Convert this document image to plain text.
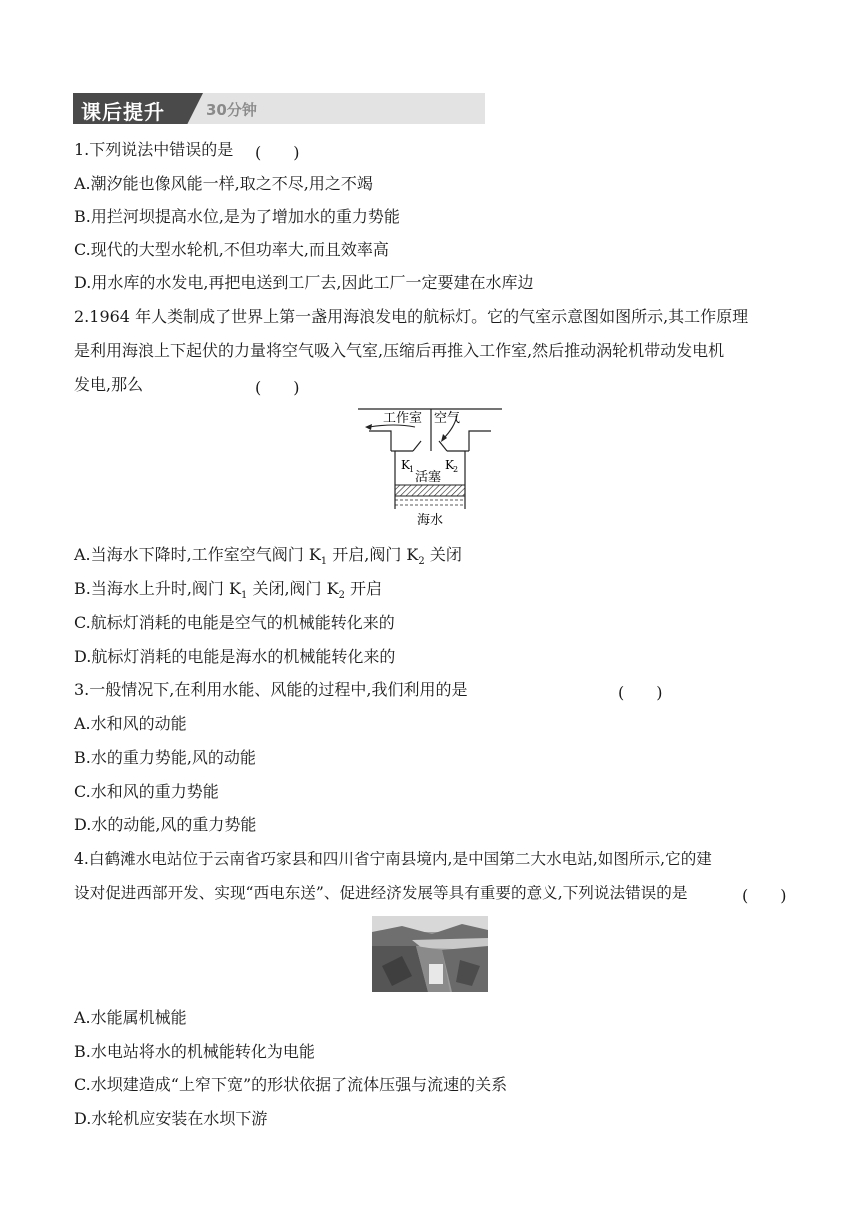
课后提升	30分钟
1.下列说法中错误的是 (　　)
A.潮汐能也像风能一样,取之不尽,用之不竭
B.用拦河坝提高水位,是为了增加水的重力势能
C.现代的大型水轮机,不但功率大,而且效率高
D.用水库的水发电,再把电送到工厂去,因此工厂一定要建在水库边
2.1964 年人类制成了世界上第一盏用海浪发电的航标灯。它的气室示意图如图所示,其工作原理
是利用海浪上下起伏的力量将空气吸入气室,压缩后再推入工作室,然后推动涡轮机带动发电机
发电,那么	(　　)
工作室 空气
K 1	K 2
活塞
海水
A.当海水下降时,工作室空气阀门 $K_1$ 开启,阀门 $K_2$ 关闭
B.当海水上升时,阀门 $K_1$ 关闭,阀门 $K_2$ 开启
C.航标灯消耗的电能是空气的机械能转化来的
D.航标灯消耗的电能是海水的机械能转化来的
3.一般情况下,在利用水能、风能的过程中,我们利用的是	(　　)
A.水和风的动能
B.水的重力势能,风的动能
C.水和风的重力势能
D.水的动能,风的重力势能
4.白鹤滩水电站位于云南省巧家县和四川省宁南县境内,是中国第二大水电站,如图所示,它的建
设对促进西部开发、实现“西电东送”、促进经济发展等具有重要的意义,下列说法错误的是	(　　)
A.水能属机械能
B.水电站将水的机械能转化为电能
C.水坝建造成“上窄下宽”的形状依据了流体压强与流速的关系
D.水轮机应安装在水坝下游
